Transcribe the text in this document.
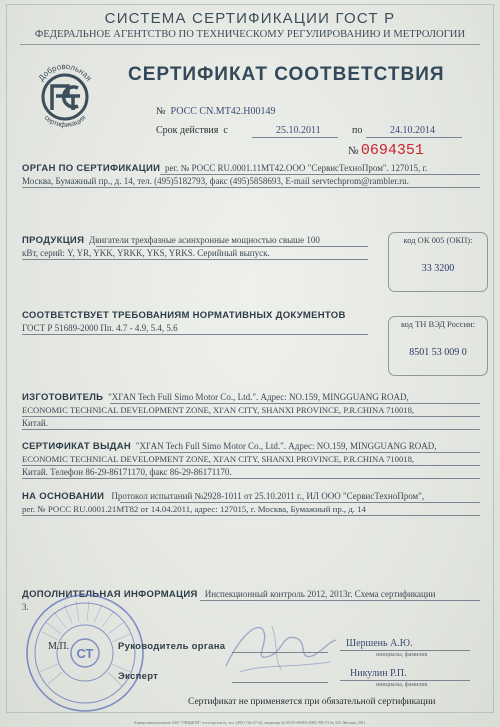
СИСТЕМА СЕРТИФИКАЦИИ ГОСТ Р
ФЕДЕРАЛЬНОЕ АГЕНТСТВО ПО ТЕХНИЧЕСКОМУ РЕГУЛИРОВАНИЮ И МЕТРОЛОГИИ
Добровольная
сертификация
СЕРТИФИКАТ СООТВЕТСТВИЯ
№ РОСС CN.МТ42.Н00149
Срок действия с	25.10.2011	по	24.10.2014
№ 0694351
ОРГАН ПО СЕРТИФИКАЦИИ рег. № РОСС RU.0001.11МТ42.ООО "СервисТехноПром". 127015, г.
Москва, Бумажный пр., д. 14, тел. (495)5182793, факс (495)5858693, E-mail servtechprom@rambler.ru.
ПРОДУКЦИЯ Двигатели трехфазные асинхронные мощностью свыше 100
кВт, серий: Y, YR, YKK, YRKK, YKS, YRKS. Серийный выпуск.
код ОК 005 (ОКП):
33 3200
СООТВЕТСТВУЕТ ТРЕБОВАНИЯМ НОРМАТИВНЫХ ДОКУМЕНТОВ
ГОСТ Р 51689-2000 Пп. 4.7 - 4.9, 5.4, 5.6	код ТН ВЭД России:
8501 53 009 0
ИЗГОТОВИТЕЛЬ "XI'AN Tech Full Simo Motor Co., Ltd.". Адрес: NO.159, MINGGUANG ROAD,
ECONOMIC TECHNICAL DEVELOPMENT ZONE, XI'AN CITY, SHANXI PROVINCE, P.R.CHINA 710018,
Китай.
СЕРТИФИКАТ ВЫДАН "XI'AN Tech Full Simo Motor Co., Ltd.". Адрес: NO.159, MINGGUANG ROAD,
ECONOMIC TECHNICAL DEVELOPMENT ZONE, XI'AN CITY, SHANXI PROVINCE, P.R.CHINA 710018,
Китай. Телефон 86-29-86171170, факс 86-29-86171170.
НА ОСНОВАНИИ Протокол испытаний №2928-1011 от 25.10.2011 г., ИЛ ООО "СервисТехноПром",
рег. № РОСС RU.0001.21МТ82 от 14.04.2011, адрес: 127015, г. Москва, Бумажный пр., д. 14
ДОПОЛНИТЕЛЬНАЯ ИНФОРМАЦИЯ Инспекционный контроль 2012, 2013г. Схема сертификации
3.
СТ
М.П.	Руководитель органа	Шершень А.Ю.
инициалы, фамилия
Эксперт	Никулин Р.П.
инициалы, фамилия
Сертификат не применяется при обязательной сертификации
Бланки выпускаемые ЗАО "ОПЦИОН" www.opcion.ru, тел. (495) 726-47-42, лицензия № 05-05-09/003 ФНС РФ ТЗ № 343. Москва, 2011
